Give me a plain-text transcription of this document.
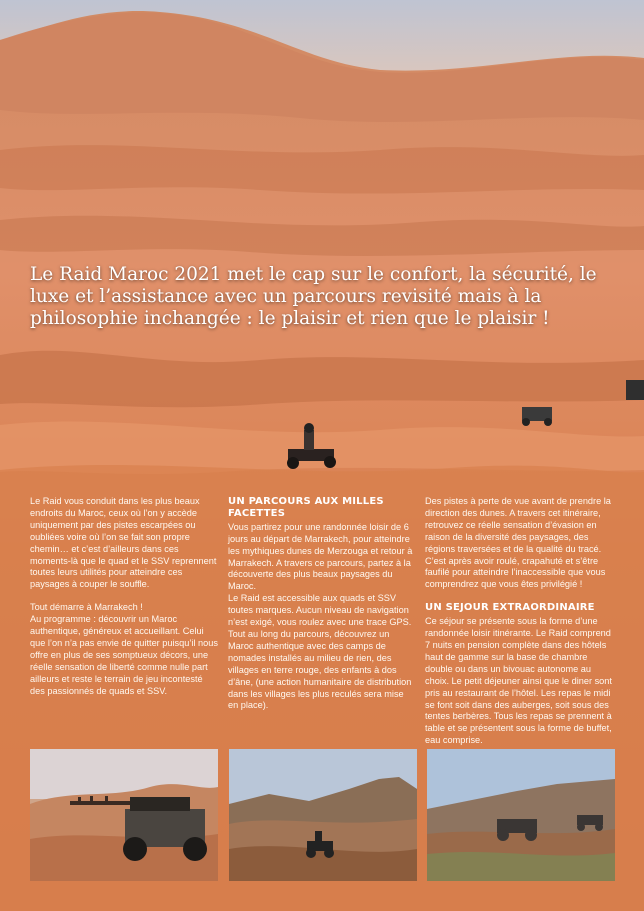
Le Raid Maroc 2021 met le cap sur le confort, la sécurité, le luxe et l’assistance avec un parcours revisité mais à la philosophie inchangée : le plaisir et rien que le plaisir !

Le Raid vous conduit dans les plus beaux endroits du Maroc, ceux où l’on y accède uniquement par des pistes escarpées ou oubliées voire où l’on se fait son propre chemin… et c’est d’ailleurs dans ces moments-là que le quad et le SSV reprennent toutes leurs utilités pour atteindre ces paysages à couper le souffle.

Tout démarre à Marrakech !

Au programme : découvrir un Maroc authentique, généreux et accueillant. Celui que l’on n’a pas envie de quitter puisqu’il nous offre en plus de ses somptueux décors, une réelle sensation de liberté comme nulle part ailleurs et reste le terrain de jeu incontesté des passionnés de quads et SSV.

UN PARCOURS AUX MILLES FACETTES

Vous partirez pour une randonnée loisir de 6 jours au départ de Marrakech, pour atteindre les mythiques dunes de Merzouga et retour à Marrakech. A travers ce parcours, partez à la découverte des plus beaux paysages du Maroc.

Le Raid est accessible aux quads et SSV toutes marques. Aucun niveau de navigation n’est exigé, vous roulez avec une trace GPS.

Tout au long du parcours, découvrez un Maroc authentique avec des camps de nomades installés au milieu de rien, des villages en terre rouge, des enfants à dos d’âne, (une action humanitaire de distribution dans les villages les plus reculés sera mise en place).

Des pistes à perte de vue avant de prendre la direction des dunes. A travers cet itinéraire, retrouvez ce réelle sensation d’évasion en raison de la diversité des paysages, des régions traversées et de la qualité du tracé. C’est après avoir roulé, crapahuté et s’être faufilé pour atteindre l’inaccessible que vous comprendrez que vous êtes privilégié !

UN SEJOUR EXTRAORDINAIRE

Ce séjour se présente sous la forme d’une randonnée loisir itinérante. Le Raid comprend 7 nuits en pension complète dans des hôtels haut de gamme sur la base de chambre double ou dans un bivouac autonome au choix. Le petit déjeuner ainsi que le diner sont pris au restaurant de l’hôtel. Les repas le midi se font soit dans des auberges, soit sous des tentes berbères. Tous les repas se prennent à table et se présentent sous la forme de buffet, eau comprise.
